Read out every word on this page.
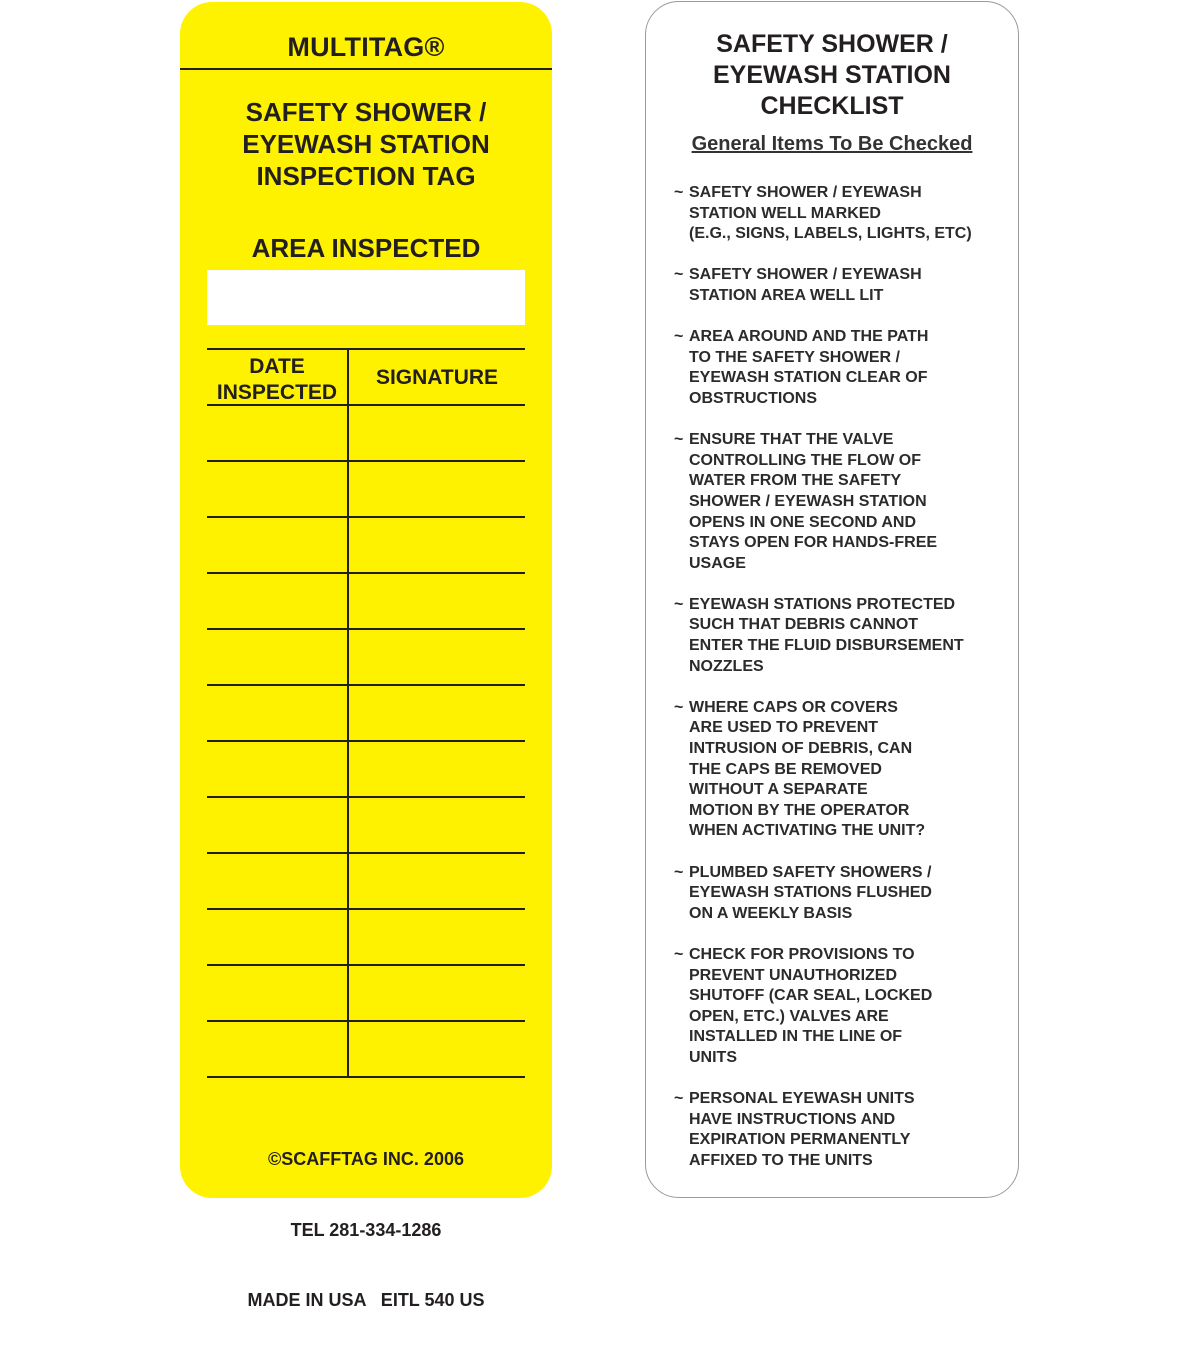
MULTITAG®
SAFETY SHOWER /
EYEWASH STATION
INSPECTION TAG
AREA INSPECTED
DATE
INSPECTED
SIGNATURE

©SCAFFTAG INC. 2006

TEL 281-334-1286

MADE IN USA   EITL 540 US

SAFETY SHOWER /
EYEWASH STATION
CHECKLIST
General Items To Be Checked
~ SAFETY SHOWER / EYEWASH
STATION WELL MARKED
(E.G., SIGNS, LABELS, LIGHTS, ETC)
~ SAFETY SHOWER / EYEWASH
STATION AREA WELL LIT
~ AREA AROUND AND THE PATH
TO THE SAFETY SHOWER /
EYEWASH STATION CLEAR OF
OBSTRUCTIONS
~ ENSURE THAT THE VALVE
CONTROLLING THE FLOW OF
WATER FROM THE SAFETY
SHOWER / EYEWASH STATION
OPENS IN ONE SECOND AND
STAYS OPEN FOR HANDS-FREE
USAGE
~ EYEWASH STATIONS PROTECTED
SUCH THAT DEBRIS CANNOT
ENTER THE FLUID DISBURSEMENT
NOZZLES
~ WHERE CAPS OR COVERS
ARE USED TO PREVENT
INTRUSION OF DEBRIS, CAN
THE CAPS BE REMOVED
WITHOUT A SEPARATE
MOTION BY THE OPERATOR
WHEN ACTIVATING THE UNIT?
~ PLUMBED SAFETY SHOWERS /
EYEWASH STATIONS FLUSHED
ON A WEEKLY BASIS
~ CHECK FOR PROVISIONS TO
PREVENT UNAUTHORIZED
SHUTOFF (CAR SEAL, LOCKED
OPEN, ETC.) VALVES ARE
INSTALLED IN THE LINE OF
UNITS
~ PERSONAL EYEWASH UNITS
HAVE INSTRUCTIONS AND
EXPIRATION PERMANENTLY
AFFIXED TO THE UNITS
